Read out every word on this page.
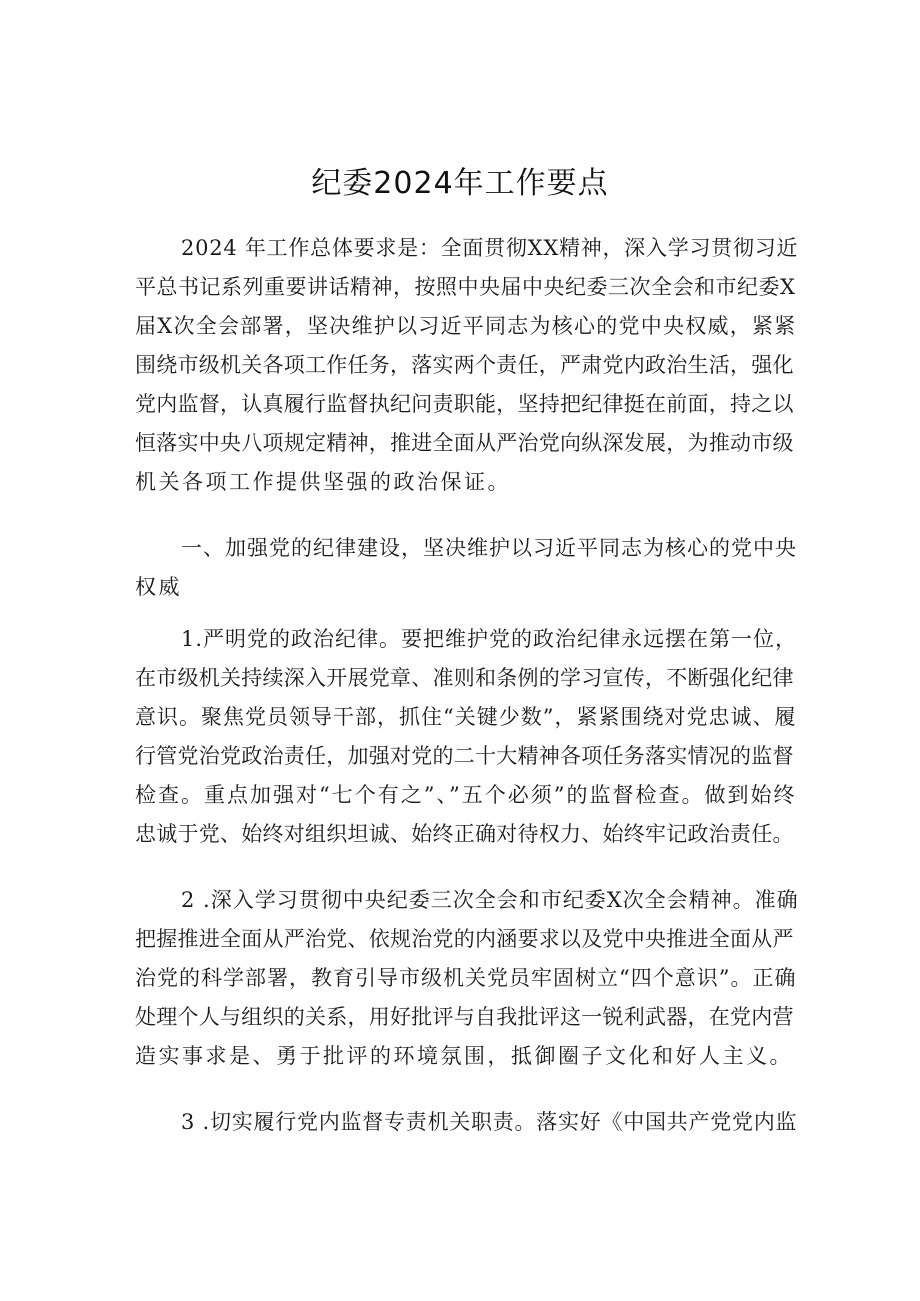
纪委2024年工作要点
2024 年工作总体要求是：全面贯彻XX精神，深入学习贯彻习近
平总书记系列重要讲话精神，按照中央届中央纪委三次全会和市纪委X
届X次全会部署，坚决维护以习近平同志为核心的党中央权威，紧紧
围绕市级机关各项工作任务，落实两个责任，严肃党内政治生活，强化
党内监督，认真履行监督执纪问责职能，坚持把纪律挺在前面，持之以
恒落实中央八项规定精神，推进全面从严治党向纵深发展，为推动市级
机关各项工作提供坚强的政治保证。
一、加强党的纪律建设，坚决维护以习近平同志为核心的党中央
权威
1.严明党的政治纪律。要把维护党的政治纪律永远摆在第一位，
在市级机关持续深入开展党章、准则和条例的学习宣传，不断强化纪律
意识。聚焦党员领导干部，抓住“关键少数”，紧紧围绕对党忠诚、履
行管党治党政治责任，加强对党的二十大精神各项任务落实情况的监督
检查。重点加强对“七个有之”、”五个必须”的监督检查。做到始终
忠诚于党、始终对组织坦诚、始终正确对待权力、始终牢记政治责任。
2 .深入学习贯彻中央纪委三次全会和市纪委X次全会精神。准确
把握推进全面从严治党、依规治党的内涵要求以及党中央推进全面从严
治党的科学部署，教育引导市级机关党员牢固树立“四个意识”。正确
处理个人与组织的关系，用好批评与自我批评这一锐利武器，在党内营
造实事求是、勇于批评的环境氛围，抵御圈子文化和好人主义。
3 .切实履行党内监督专责机关职责。落实好《中国共产党党内监
